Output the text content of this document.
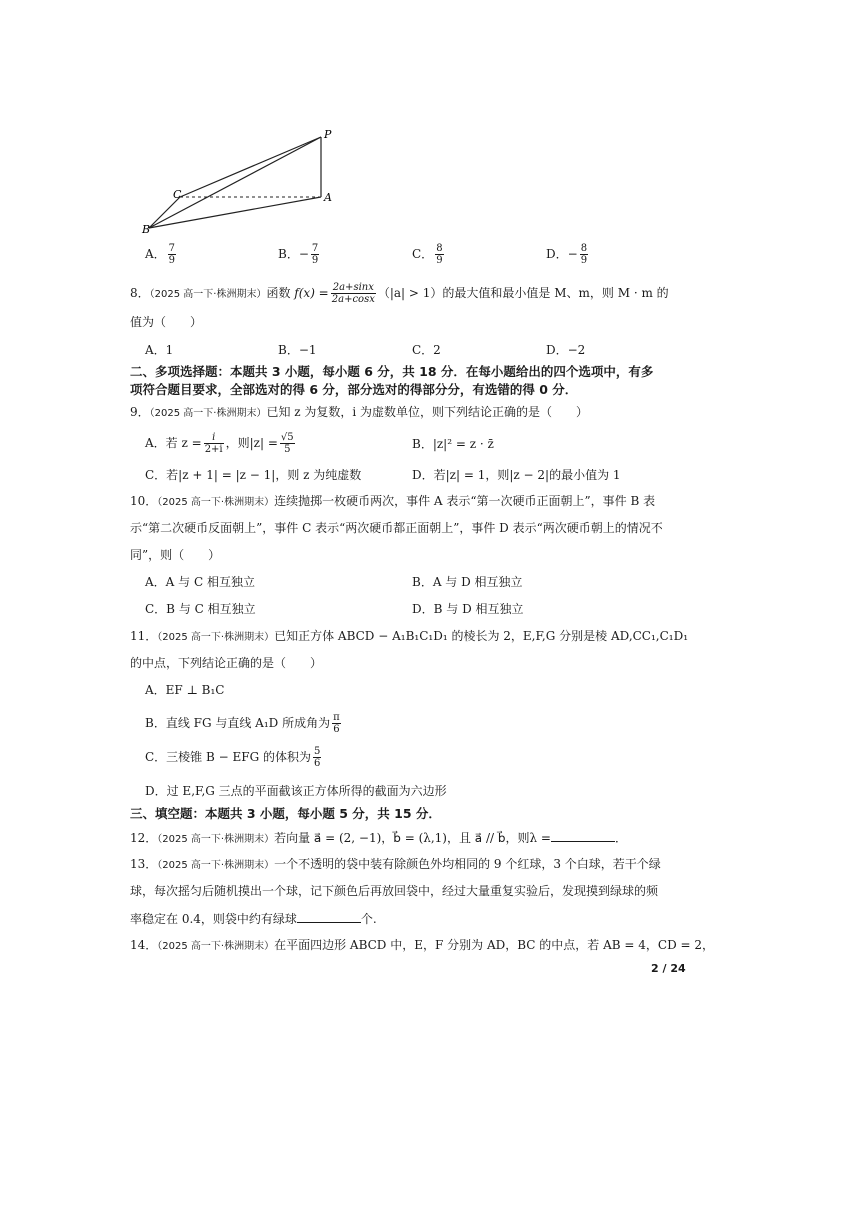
P
A
C
B
A． $\frac{7}{9}$	B．− $\frac{7}{9}$	C． $\frac{8}{9}$	D．− $\frac{8}{9}$
8．（2025 高一下·株洲期末）函数 $f(x) = \frac{2a+\sin x}{2a+\cos x} (|a| > 1)$的最大值和最小值是 M、m，则 M · m 的
值为（　　）
A．1	B．−1	C．2	D．−2
二、多项选择题：本题共 3 小题，每小题 6 分，共 18 分．在每小题给出的四个选项中，有多
项符合题目要求，全部选对的得 6 分，部分选对的得部分分，有选错的得 0 分．
9．（2025 高一下·株洲期末）已知 z 为复数，i 为虚数单位，则下列结论正确的是（　　）
A．若 $z = \frac{i}{2+i}$ ，则$|z| = \frac{√5}{5}$	B．|z|² = z · z̄
C．若|z + 1| = |z − 1|，则 z 为纯虚数	D．若|z| = 1，则|z − 2|的最小值为 1
10．（2025 高一下·株洲期末）连续抛掷一枚硬币两次，事件 A 表示“第一次硬币正面朝上”，事件 B 表
示“第二次硬币反面朝上”，事件 C 表示“两次硬币都正面朝上”，事件 D 表示“两次硬币朝上的情况不
同”，则（　　）
A．A 与 C 相互独立	B．A 与 D 相互独立
C．B 与 C 相互独立	D．B 与 D 相互独立
11．（2025 高一下·株洲期末）已知正方体 ABCD − A₁B₁C₁D₁ 的棱长为 2，E,F,G 分别是棱 AD,CC₁,C₁D₁
的中点，下列结论正确的是（　　）
A．EF ⊥ B₁C
B．直线 FG 与直线 A₁D 所成角为 $\frac{\pi}{6}$
C．三棱锥 B − EFG 的体积为 $\frac{5}{6}$
D．过 E,F,G 三点的平面截该正方体所得的截面为六边形
三、填空题：本题共 3 小题，每小题 5 分，共 15 分．
12．（2025 高一下·株洲期末）若向量 a⃗ = (2, −1)，b⃗ = (λ,1)，且 a⃗ // b⃗，则λ =	．
13．（2025 高一下·株洲期末）一个不透明的袋中装有除颜色外均相同的 9 个红球，3 个白球，若干个绿
球，每次摇匀后随机摸出一个球，记下颜色后再放回袋中，经过大量重复实验后，发现摸到绿球的频
率稳定在 0.4，则袋中约有绿球	个.
14．（2025 高一下·株洲期末）在平面四边形 ABCD 中，E，F 分别为 AD，BC 的中点，若 AB = 4，CD = 2，
2 / 24
